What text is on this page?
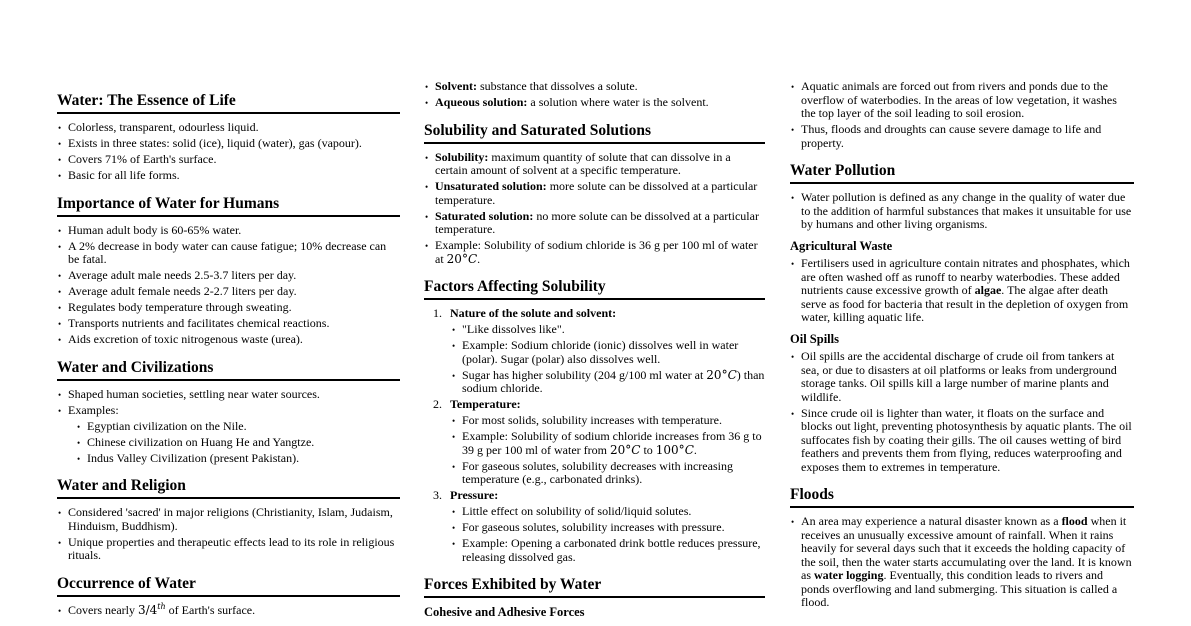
Water: The Essence of Life
• Colorless, transparent, odourless liquid.
• Exists in three states: solid (ice), liquid (water), gas (vapour).
• Covers 71% of Earth's surface.
• Basic for all life forms.
Importance of Water for Humans
• Human adult body is 60-65% water.
• A 2% decrease in body water can cause fatigue; 10% decrease can be fatal.
• Average adult male needs 2.5-3.7 liters per day.
• Average adult female needs 2-2.7 liters per day.
• Regulates body temperature through sweating.
• Transports nutrients and facilitates chemical reactions.
• Aids excretion of toxic nitrogenous waste (urea).
Water and Civilizations
• Shaped human societies, settling near water sources.
• Examples:
• Egyptian civilization on the Nile.
• Chinese civilization on Huang He and Yangtze.
• Indus Valley Civilization (present Pakistan).
Water and Religion
• Considered 'sacred' in major religions (Christianity, Islam, Judaism, Hinduism, Buddhism).
• Unique properties and therapeutic effects lead to its role in religious rituals.
Occurrence of Water
• Covers nearly 3/4th of Earth's surface.
• Solvent: substance that dissolves a solute.
• Aqueous solution: a solution where water is the solvent.
Solubility and Saturated Solutions
• Solubility: maximum quantity of solute that can dissolve in a certain amount of solvent at a specific temperature.
• Unsaturated solution: more solute can be dissolved at a particular temperature.
• Saturated solution: no more solute can be dissolved at a particular temperature.
• Example: Solubility of sodium chloride is 36 g per 100 ml of water at 20°C.
Factors Affecting Solubility
1. Nature of the solute and solvent:
• "Like dissolves like".
• Example: Sodium chloride (ionic) dissolves well in water (polar). Sugar (polar) also dissolves well.
• Sugar has higher solubility (204 g/100 ml water at 20°C) than sodium chloride.
2. Temperature:
• For most solids, solubility increases with temperature.
• Example: Solubility of sodium chloride increases from 36 g to 39 g per 100 ml of water from 20°C to 100°C.
• For gaseous solutes, solubility decreases with increasing temperature (e.g., carbonated drinks).
3. Pressure:
• Little effect on solubility of solid/liquid solutes.
• For gaseous solutes, solubility increases with pressure.
• Example: Opening a carbonated drink bottle reduces pressure, releasing dissolved gas.
Forces Exhibited by Water
Cohesive and Adhesive Forces
• Aquatic animals are forced out from rivers and ponds due to the overflow of waterbodies. In the areas of low vegetation, it washes the top layer of the soil leading to soil erosion.
• Thus, floods and droughts can cause severe damage to life and property.
Water Pollution
• Water pollution is defined as any change in the quality of water due to the addition of harmful substances that makes it unsuitable for use by humans and other living organisms.
Agricultural Waste
• Fertilisers used in agriculture contain nitrates and phosphates, which are often washed off as runoff to nearby waterbodies. These added nutrients cause excessive growth of algae. The algae after death serve as food for bacteria that result in the depletion of oxygen from water, killing aquatic life.
Oil Spills
• Oil spills are the accidental discharge of crude oil from tankers at sea, or due to disasters at oil platforms or leaks from underground storage tanks. Oil spills kill a large number of marine plants and wildlife.
• Since crude oil is lighter than water, it floats on the surface and blocks out light, preventing photosynthesis by aquatic plants. The oil suffocates fish by coating their gills. The oil causes wetting of bird feathers and prevents them from flying, reduces waterproofing and exposes them to extremes in temperature.
Floods
• An area may experience a natural disaster known as a flood when it receives an unusually excessive amount of rainfall. When it rains heavily for several days such that it exceeds the holding capacity of the soil, then the water starts accumulating over the land. It is known as water logging. Eventually, this condition leads to rivers and ponds overflowing and land submerging. This situation is called a flood.
